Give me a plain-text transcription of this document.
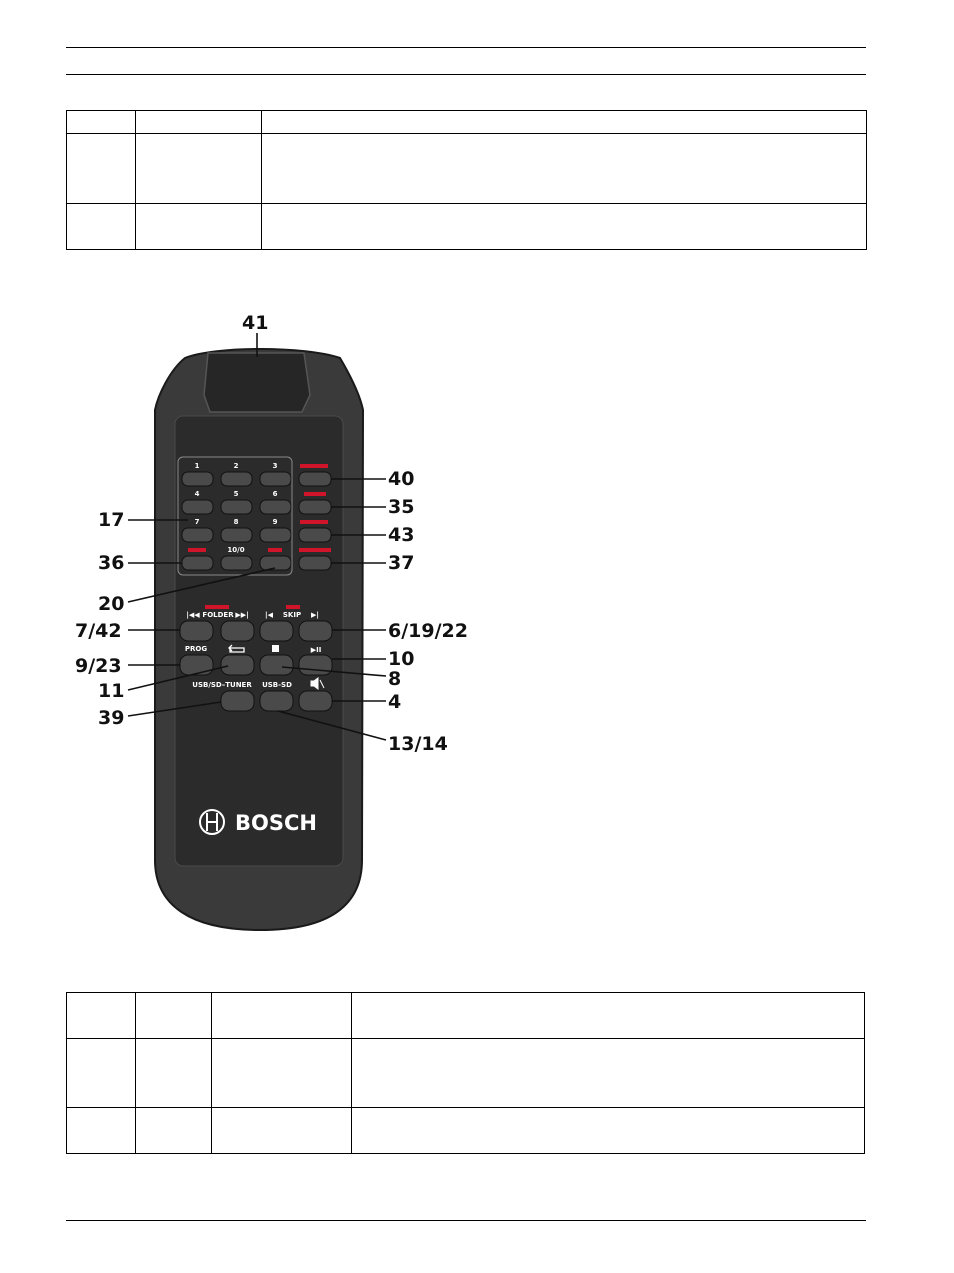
1	2	3
4	5	6
7	8	9
10/0
|◀◀ FOLDER ▶▶| |◀ SKIP ▶|
PROG	▶II
USB/SD–TUNER USB-SD
BOSCH
41
40
35
17
43
36	37
20
7/42	6/19/22
10
9/23
8
11	4
39
13/14
